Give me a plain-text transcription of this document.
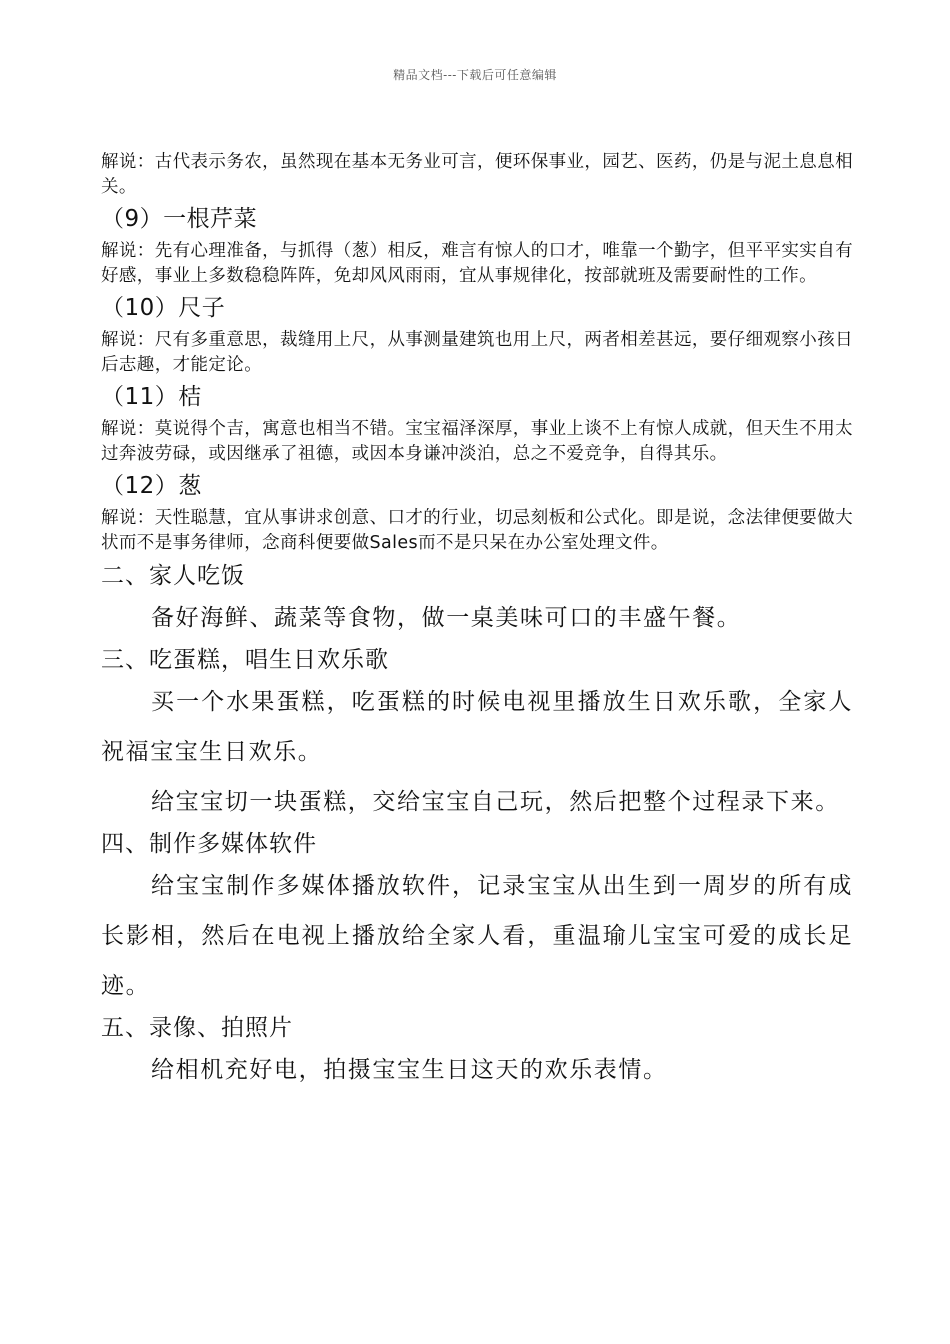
精品文档---下载后可任意编辑

解说：古代表示务农，虽然现在基本无务业可言，便环保事业，园艺、医药，仍是与泥土息息相关。

（9）一根芹菜

解说：先有心理准备，与抓得（葱）相反，难言有惊人的口才，唯靠一个勤字，但平平实实自有好感，事业上多数稳稳阵阵，免却风风雨雨，宜从事规律化，按部就班及需要耐性的工作。

（10）尺子

解说：尺有多重意思，裁缝用上尺，从事测量建筑也用上尺，两者相差甚远，要仔细观察小孩日后志趣，才能定论。

（11）桔

解说：莫说得个吉，寓意也相当不错。宝宝福泽深厚，事业上谈不上有惊人成就，但天生不用太过奔波劳碌，或因继承了祖德，或因本身谦冲淡泊，总之不爱竞争，自得其乐。

（12）葱

解说：天性聪慧，宜从事讲求创意、口才的行业，切忌刻板和公式化。即是说，念法律便要做大状而不是事务律师，念商科便要做Sales而不是只呆在办公室处理文件。

二、家人吃饭

备好海鲜、蔬菜等食物，做一桌美味可口的丰盛午餐。

三、吃蛋糕，唱生日欢乐歌

买一个水果蛋糕，吃蛋糕的时候电视里播放生日欢乐歌，全家人祝福宝宝生日欢乐。

给宝宝切一块蛋糕，交给宝宝自己玩，然后把整个过程录下来。

四、制作多媒体软件

给宝宝制作多媒体播放软件，记录宝宝从出生到一周岁的所有成长影相，然后在电视上播放给全家人看，重温瑜儿宝宝可爱的成长足迹。

五、录像、拍照片

给相机充好电，拍摄宝宝生日这天的欢乐表情。
